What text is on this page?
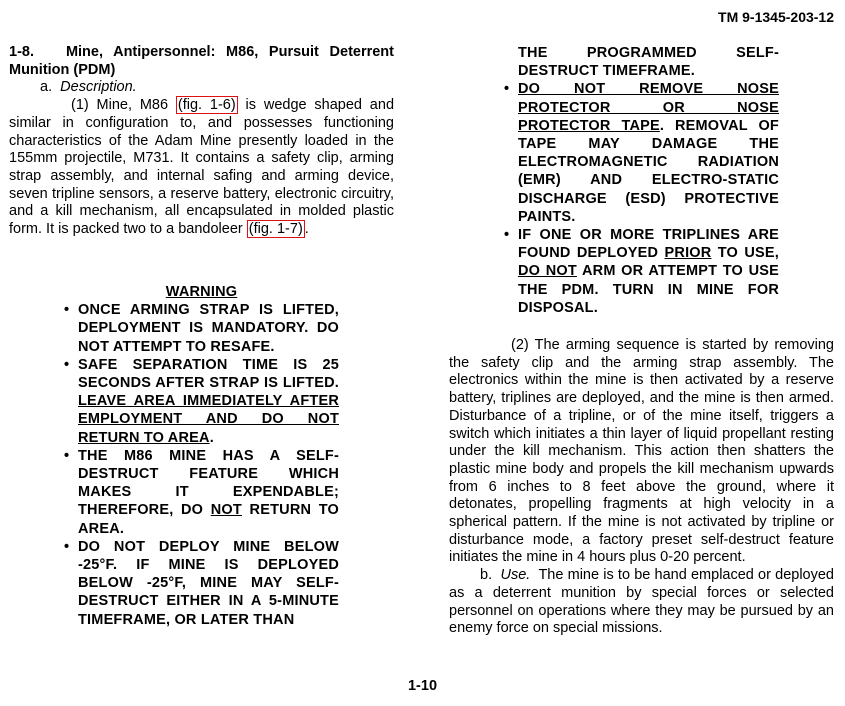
TM 9-1345-203-12

1-8. Mine, Antipersonnel: M86, Pursuit Deterrent Munition (PDM)

a. Description.

(1) Mine, M86 (fig. 1-6) is wedge shaped and similar in configuration to, and possesses functioning characteristics of the Adam Mine presently loaded in the 155mm projectile, M731. It contains a safety clip, arming strap assembly, and internal safing and arming device, seven tripline sensors, a reserve battery, electronic circuitry, and a kill mechanism, all encapsulated in molded plastic form. It is packed two to a bandoleer (fig. 1-7) .

WARNING
• ONCE ARMING STRAP IS LIFTED, DEPLOYMENT IS MANDATORY. DO NOT ATTEMPT TO RESAFE.
• SAFE SEPARATION TIME IS 25 SECONDS AFTER STRAP IS LIFTED. LEAVE AREA IMMEDIATELY AFTER EMPLOYMENT AND DO NOT RETURN TO AREA.
• THE M86 MINE HAS A SELF-DESTRUCT FEATURE WHICH MAKES IT EXPENDABLE; THEREFORE, DO NOT RETURN TO AREA.
• DO NOT DEPLOY MINE BELOW -25°F. IF MINE IS DEPLOYED BELOW -25°F, MINE MAY SELF-DESTRUCT EITHER IN A 5-MINUTE TIMEFRAME, OR LATER THAN

THE PROGRAMMED SELF-DESTRUCT TIMEFRAME.

• DO NOT REMOVE NOSE PROTECTOR OR NOSE PROTECTOR TAPE. REMOVAL OF TAPE MAY DAMAGE THE ELECTROMAGNETIC RADIATION (EMR) AND ELECTRO-STATIC DISCHARGE (ESD) PROTECTIVE PAINTS.
• IF ONE OR MORE TRIPLINES ARE FOUND DEPLOYED PRIOR TO USE, DO NOT ARM OR ATTEMPT TO USE THE PDM. TURN IN MINE FOR DISPOSAL.

(2) The arming sequence is started by removing the safety clip and the arming strap assembly. The electronics within the mine is then activated by a reserve battery, triplines are deployed, and the mine is then armed. Disturbance of a tripline, or of the mine itself, triggers a switch which initiates a thin layer of liquid propellant resting under the kill mechanism. This action then shatters the plastic mine body and propels the kill mechanism upwards from 6 inches to 8 feet above the ground, where it detonates, propelling fragments at high velocity in a spherical pattern. If the mine is not activated by tripline or disturbance mode, a factory preset self-destruct feature initiates the mine in 4 hours plus 0-20 percent.

b. Use. The mine is to be hand emplaced or deployed as a deterrent munition by special forces or selected personnel on operations where they may be pursued by an enemy force on special missions.

1-10
